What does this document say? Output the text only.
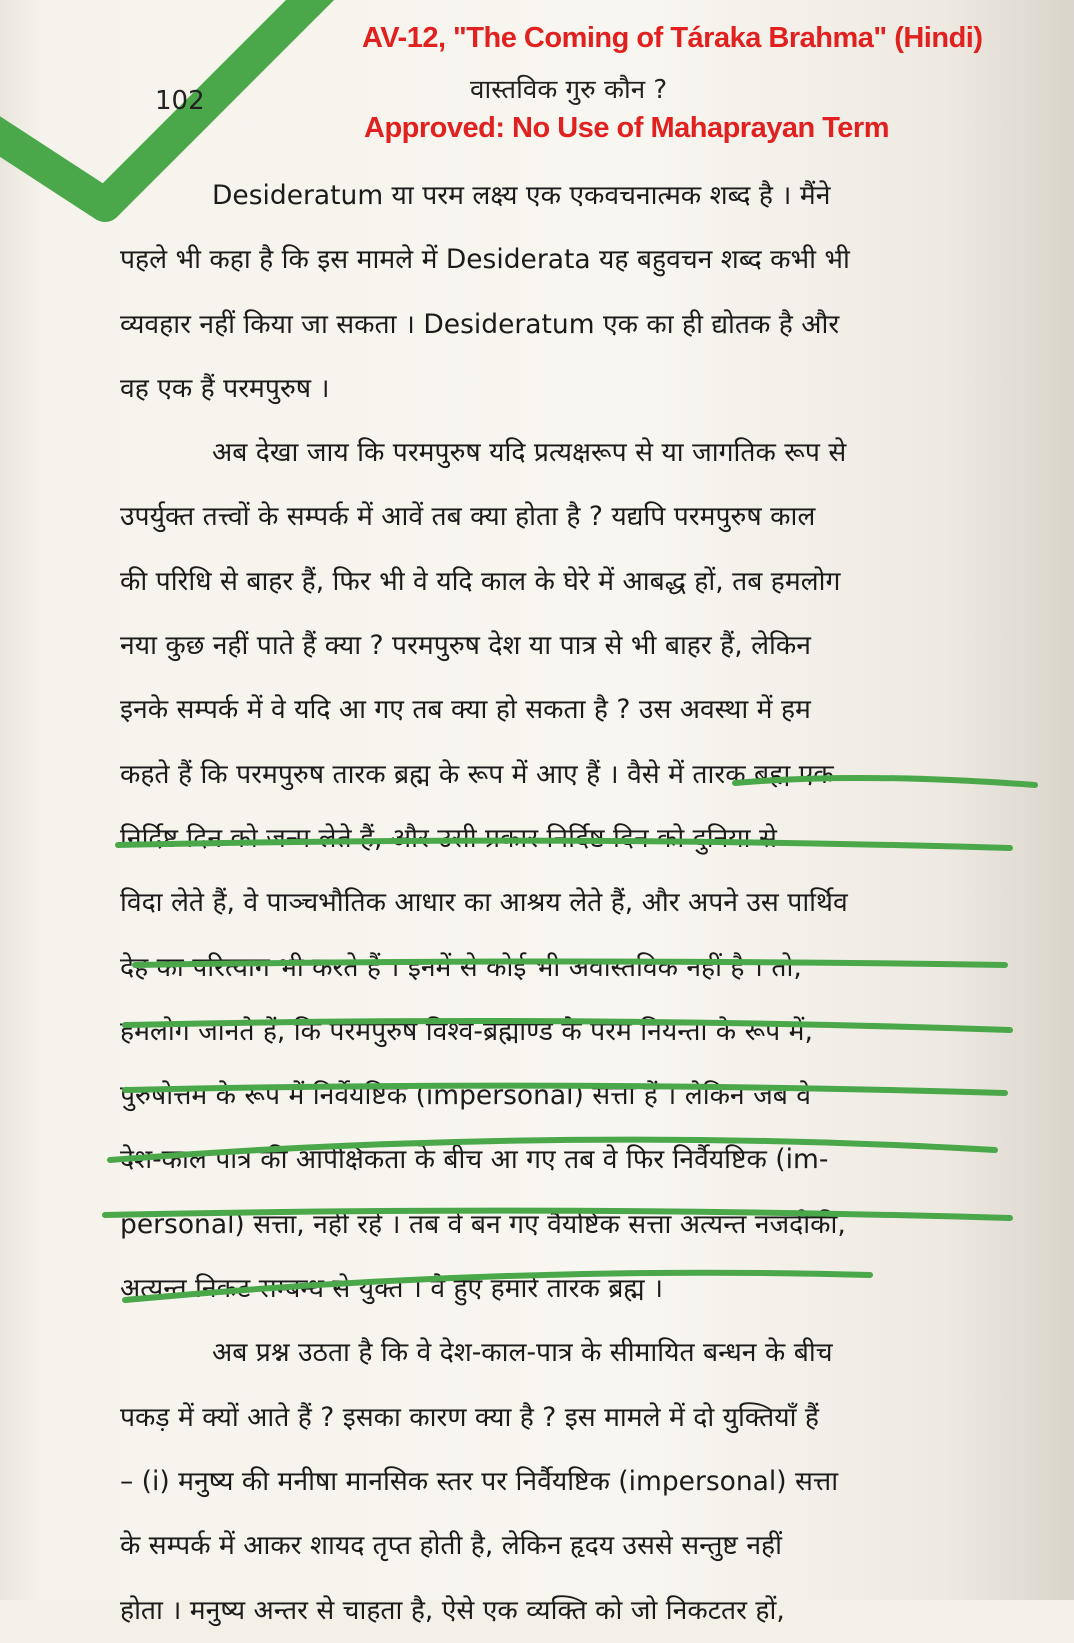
102	वास्तविक गुरु कौन ?
AV-12, "The Coming of Táraka Brahma" (Hindi)
Approved: No Use of Mahaprayan Term
Desideratum या परम लक्ष्य एक एकवचनात्मक शब्द है । मैंने
पहले भी कहा है कि इस मामले में Desiderata यह बहुवचन शब्द कभी भी
व्यवहार नहीं किया जा सकता । Desideratum एक का ही द्योतक है और
वह एक हैं परमपुरुष ।
अब देखा जाय कि परमपुरुष यदि प्रत्यक्षरूप से या जागतिक रूप से
उपर्युक्त तत्त्वों के सम्पर्क में आवें तब क्या होता है ? यद्यपि परमपुरुष काल
की परिधि से बाहर हैं, फिर भी वे यदि काल के घेरे में आबद्ध हों, तब हमलोग
नया कुछ नहीं पाते हैं क्या ? परमपुरुष देश या पात्र से भी बाहर हैं, लेकिन
इनके सम्पर्क में वे यदि आ गए तब क्या हो सकता है ? उस अवस्था में हम
कहते हैं कि परमपुरुष तारक ब्रह्म के रूप में आए हैं । वैसे में तारक ब्रह्म एक
निर्दिष्ट दिन को जन्म लेते हैं, और उसी प्रकार निर्दिष्ट दिन को दुनिया से
विदा लेते हैं, वे पाञ्चभौतिक आधार का आश्रय लेते हैं, और अपने उस पार्थिव
देह का परित्याग भी करते हैं । इनमें से कोई भी अवास्तविक नहीं है । तो,
हमलोग जानते हैं, कि परमपुरुष विश्व-ब्रह्माण्ड के परम नियन्ता के रूप में,
पुरुषोत्तम के रूप में निर्वैयष्टिक (impersonal) सत्ता हैं । लेकिन जब वे
देश-काल पात्र की आपेक्षिकता के बीच आ गए तब वे फिर निर्वैयष्टिक (im-
personal) सत्ता, नहीं रहे । तब वे बन गए वैयष्टिक सत्ता अत्यन्त नजदीकी,
अत्यन्त निकट सम्बन्ध से युक्त । वे हुए हमारे तारक ब्रह्म ।
अब प्रश्न उठता है कि वे देश-काल-पात्र के सीमायित बन्धन के बीच
पकड़ में क्यों आते हैं ? इसका कारण क्या है ? इस मामले में दो युक्तियाँ हैं
– (i) मनुष्य की मनीषा मानसिक स्तर पर निर्वैयष्टिक (impersonal) सत्ता
के सम्पर्क में आकर शायद तृप्त होती है, लेकिन हृदय उससे सन्तुष्ट नहीं
होता । मनुष्य अन्तर से चाहता है, ऐसे एक व्यक्ति को जो निकटतर हों,
